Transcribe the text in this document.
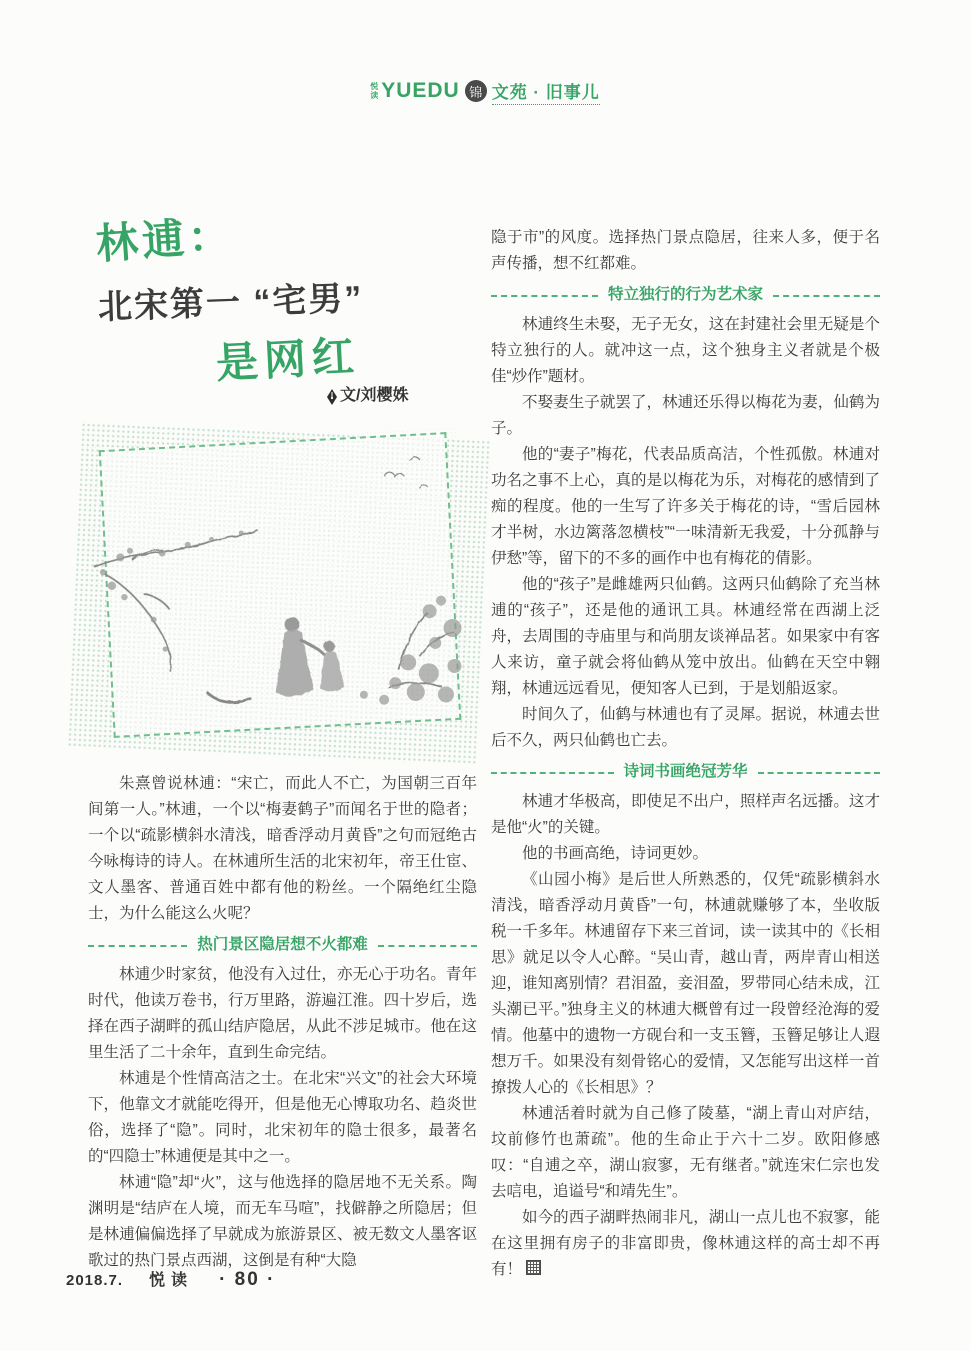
悦
读 YUEDU 锦 文苑 · 旧事儿
林逋：
北宋第一 “宅男”
是网红
文/刘樱姝

朱熹曾说林逋：“宋亡，而此人不亡，为国朝三百年间第一人。”林逋，一个以“梅妻鹤子”而闻名于世的隐者；一个以“疏影横斜水清浅，暗香浮动月黄昏”之句而冠绝古今咏梅诗的诗人。在林逋所生活的北宋初年，帝王仕宦、文人墨客、普通百姓中都有他的粉丝。一个隔绝红尘隐士，为什么能这么火呢？

热门景区隐居想不火都难

林逋少时家贫，他没有入过仕，亦无心于功名。青年时代，他读万卷书，行万里路，游遍江淮。四十岁后，选择在西子湖畔的孤山结庐隐居，从此不涉足城市。他在这里生活了二十余年，直到生命完结。

林逋是个性情高洁之士。在北宋“兴文”的社会大环境下，他靠文才就能吃得开，但是他无心博取功名、趋炎世俗，选择了“隐”。同时，北宋初年的隐士很多，最著名的“四隐士”林逋便是其中之一。

林逋“隐”却“火”，这与他选择的隐居地不无关系。陶渊明是“结庐在人境，而无车马喧”，找僻静之所隐居；但是林逋偏偏选择了早就成为旅游景区、被无数文人墨客讴歌过的热门景点西湖，这倒是有种“大隐

隐于市”的风度。选择热门景点隐居，往来人多，便于名声传播，想不红都难。

特立独行的行为艺术家

林逋终生未娶，无子无女，这在封建社会里无疑是个特立独行的人。就冲这一点，这个独身主义者就是个极佳“炒作”题材。

不娶妻生子就罢了，林逋还乐得以梅花为妻，仙鹤为子。

他的“妻子”梅花，代表品质高洁，个性孤傲。林逋对功名之事不上心，真的是以梅花为乐，对梅花的感情到了痴的程度。他的一生写了许多关于梅花的诗，“雪后园林才半树，水边篱落忽横枝”“一味清新无我爱，十分孤静与伊愁”等，留下的不多的画作中也有梅花的倩影。

他的“孩子”是雌雄两只仙鹤。这两只仙鹤除了充当林逋的“孩子”，还是他的通讯工具。林逋经常在西湖上泛舟，去周围的寺庙里与和尚朋友谈禅品茗。如果家中有客人来访，童子就会将仙鹤从笼中放出。仙鹤在天空中翱翔，林逋远远看见，便知客人已到，于是划船返家。

时间久了，仙鹤与林逋也有了灵犀。据说，林逋去世后不久，两只仙鹤也亡去。

诗词书画绝冠芳华

林逋才华极高，即使足不出户，照样声名远播。这才是他“火”的关键。

他的书画高绝，诗词更妙。

《山园小梅》是后世人所熟悉的，仅凭“疏影横斜水清浅，暗香浮动月黄昏”一句，林逋就赚够了本，坐收版税一千多年。林逋留存下来三首词，读一读其中的《长相思》就足以令人心醉。“吴山青，越山青，两岸青山相送迎，谁知离别情？君泪盈，妾泪盈，罗带同心结未成，江头潮已平。”独身主义的林逋大概曾有过一段曾经沧海的爱情。他墓中的遗物一方砚台和一支玉簪，玉簪足够让人遐想万千。如果没有刻骨铭心的爱情，又怎能写出这样一首撩拨人心的《长相思》？

林逋活着时就为自己修了陵墓，“湖上青山对庐结，坟前修竹也萧疏”。他的生命止于六十二岁。欧阳修感叹：“自逋之卒，湖山寂寥，无有继者。”就连宋仁宗也发去唁电，追谥号“和靖先生”。

如今的西子湖畔热闹非凡，湖山一点儿也不寂寥，能在这里拥有房子的非富即贵，像林逋这样的高士却不再有！

2018.7. 悦读 · 80 ·
